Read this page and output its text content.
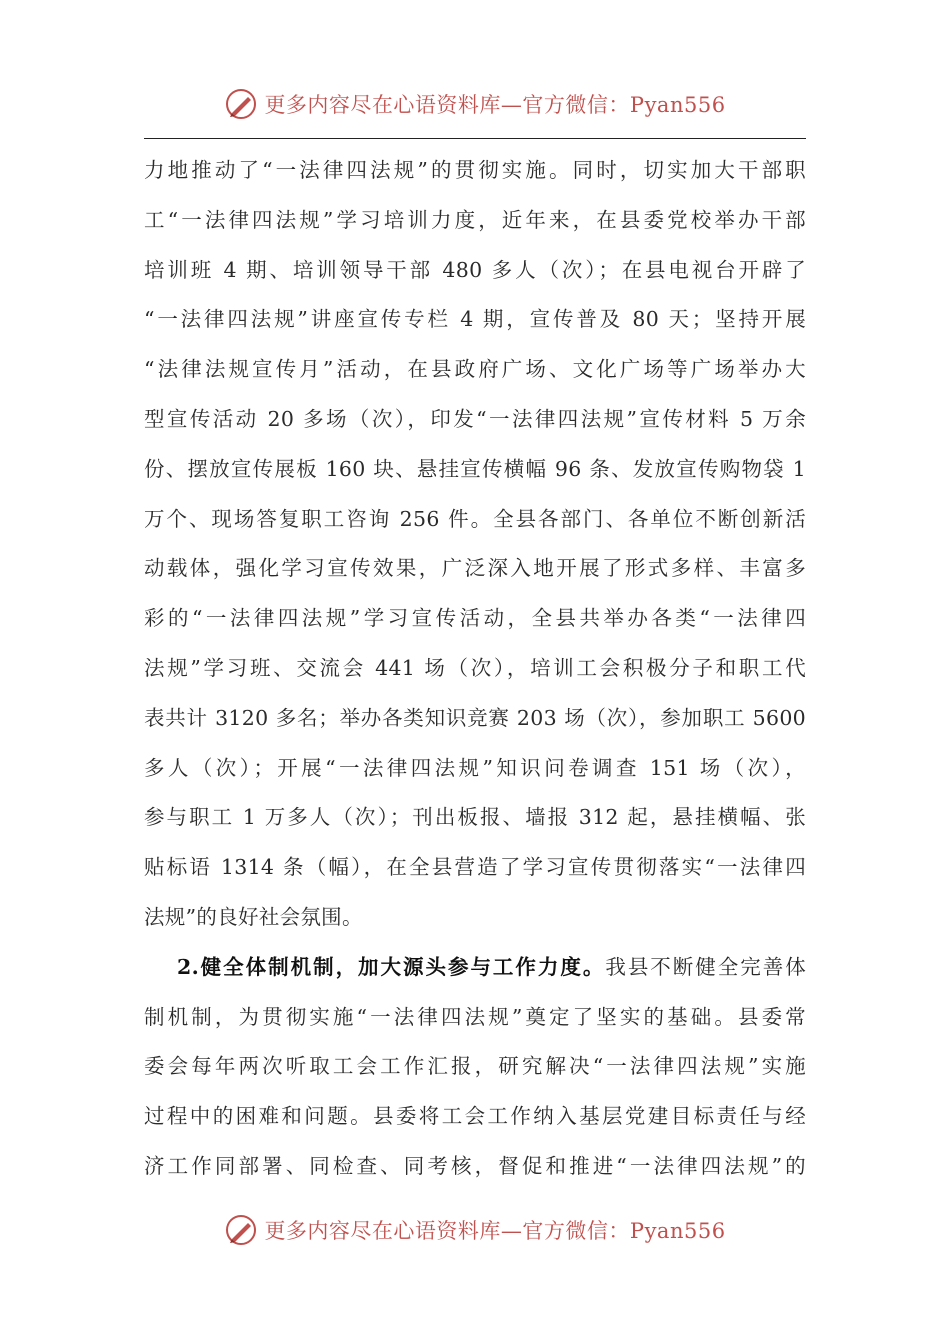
更多内容尽在心语资料库—官方微信：Pyan556
力地推动了“一法律四法规”的贯彻实施。同时，切实加大干部职
工“一法律四法规”学习培训力度，近年来，在县委党校举办干部
培训班 4 期、培训领导干部 480 多人（次）；在县电视台开辟了
“一法律四法规”讲座宣传专栏 4 期，宣传普及 80 天；坚持开展
“法律法规宣传月”活动，在县政府广场、文化广场等广场举办大
型宣传活动 20 多场（次），印发“一法律四法规”宣传材料 5 万余
份、摆放宣传展板 160 块、悬挂宣传横幅 96 条、发放宣传购物袋 1
万个、现场答复职工咨询 256 件。全县各部门、各单位不断创新活
动载体，强化学习宣传效果，广泛深入地开展了形式多样、丰富多
彩的“一法律四法规”学习宣传活动，全县共举办各类“一法律四
法规”学习班、交流会 441 场（次），培训工会积极分子和职工代
表共计 3120 多名；举办各类知识竞赛 203 场（次），参加职工 5600
多人（次）；开展“一法律四法规”知识问卷调查 151 场（次），
参与职工 1 万多人（次）；刊出板报、墙报 312 起，悬挂横幅、张
贴标语 1314 条（幅），在全县营造了学习宣传贯彻落实“一法律四
法规”的良好社会氛围。
2.健全体制机制，加大源头参与工作力度。我县不断健全完善体
制机制，为贯彻实施“一法律四法规”奠定了坚实的基础。县委常
委会每年两次听取工会工作汇报，研究解决“一法律四法规”实施
过程中的困难和问题。县委将工会工作纳入基层党建目标责任与经
济工作同部署、同检查、同考核，督促和推进“一法律四法规”的
更多内容尽在心语资料库—官方微信：Pyan556
